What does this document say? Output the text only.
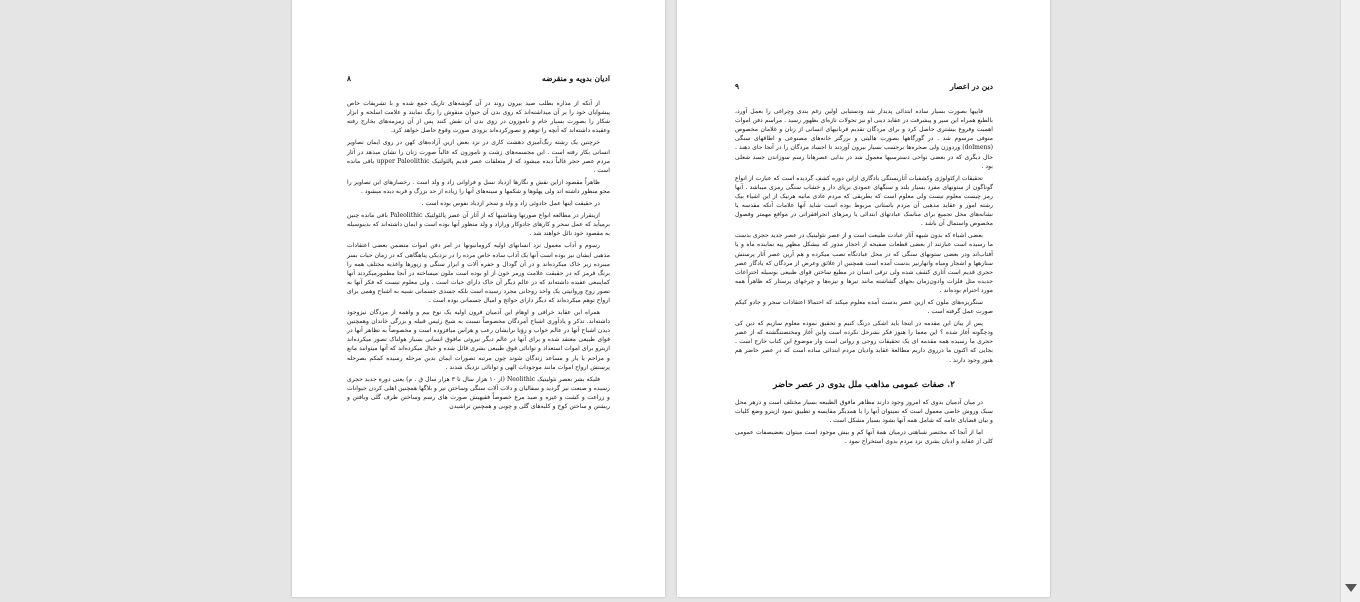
ادیان بدویه و منقرضه
۸

از آنکه از مذاره بطلب صید بیرون روند در آن گوشه‌های تاریک جمع شده و با تشریفات خاص پیشوایان خود را بر آن میداشته‌اند که روی بدن آن حیوان منقوش را رنگ نمایند و علامت اسلحه و ابزار شکار را بصورت بسیار خام و ناموزون در روی بدن آن نقش کنند پس از آن زمزمه‌های بخارج رفته وعقیده داشته‌اند که آنچه را توهم و تصورکرده‌اند بزودی صورت وقوع حاصل خواهد کرد.

خرچنین یک رشته رنگ‌آمیزی دهشت کاری در نزد بعض ازین آزاده‌های کهن در روی ایمان تصاویر انسانی بکار رفته است . این مجسمه‌های زشت و ناموزون که غالباً صورت زنان را نشان میدهد در آثار مردم عصر حجر غالباً دیده میشود که از متعلقات عصر قدیم پالئولتیک upper Paleolithic باقی مانده است .

ظاهراً مقصود ازاین نقش و نگارها ازدیاد نسل و فراوانی زاد و ولد است . رخسارهای این تصاویر را محو منظور داشته اند ولی پهلوها و شکمها و سینه‌های آنها را زیاده از حد بزرگ و فربه دیده میشود .

در حقیقت اینها عمل جادوئی زاد و ولد و سحر ازدیاد نفوس بوده است .

ازینقرار در مطالعه انواع صورتها ونقاشیها که از آثار آن عصر پالئولتیک Paleolithic باقی مانده چنین برمیآید که عمل سحر و کارهای جادوکار ورازاد و ولد منظور آنها بوده است و ایمان داشته‌اند که بدینوسیله به مقصود خود نائل خواهند شد .

رسوم و آداب معمول نزد انسانهای اولیه کرومانیونها در امر دفن اموات متضمن بعضی اعتقادات مذهبی ایشان نیز بوده است آنها یک آداب ساده خاص مرده را در نزدیکی پناهگاهی که در زمان حیات بسر میبرده زیر خاک میکرده‌اند و در آن گودال و حفره آلات و ابزار سنگی و زیورها واغذیه مختلف همه را برنگ قرمز که در حقیقت علامت ورمز خون از او بوده است ملون میساخته در آنجا مطمورمیکردند آنها کماینبغی عقیده داشته‌اند که در عالم دیگر آن خاک دارای حیات است . ولی معلوم نیست که فکر آنها به تصور روح وروانیتی یک واحد روحانی مجرد رسیده است بلکه جسدی جسمانی شبیه به اشباح وهمی برای ارواح توهم میکرده‌اند که دیگر دارای حوائج و امیال جسمانی بوده است .

همراه این عقاید خرافی و اوهام این آدمیان قرون اولیه یک نوع بیم و واهمه از مردگان نیزوجود داشته‌اند. تذکر و یادآوری اشباح آمردگان مخصوصاً نسبت به شیخ رئیس قبیله و بزرگی خاندان وهمچنین دیدن اشباح آنها در عالم خواب و رؤیا برایشان رعب و هراس میافزوده است و مخصوصاً به تظاهر آنها در قوای طبیعی معتقد شده و برای آنها در عالم دیگر نیروئی مافوق انسانی بسیار هولناک تصور میکرده‌اند ازینرو برای اموات استعداد و توانائی فوق طبیعی بشری قائل شده و خیال میکرده‌اند که آنها میتوانند مانع و مزاحم یا یار و مساعد زندگان شوند چون مرتبه تصورات ایمان بدین مرحله رسیده کمکم بصرحله پرستش ارواح اموات مانند موجودات الهی و توانائی نزدیک شدند .

فلیکه بشر بعصر نئولیتیک Neolithic (از ۱۰ هزار سال تا ۳ هزار سال ق . م) یعنی دورة جدید حجری رسیده و صنعت نیز گردید و سفالیان و دلات آلات سنگی وساختن تیر و بلاگها همچنین اهلی کردن حیوانات و زراعت و کشت و غیره و صید مرغ خصوصاً فقیهیش صورت های رسم وساختن ظرف گلی وبافتن و ریشتن و ساختن کوخ و کلبه‌های گلی و چوبی و همچنین تراشیدن

دین در اعصار
۹

فاییها بصورت بسیار ساده ابتدائی پدیدار شد ودستیابی اولین زغم بندی وچراغی را بعمل آورد، بالطبع همراه این سیر و پیشرفت در عقاید دینی او نیز تحولات تازه‌ای بظهور رسید . مراسم دفن اموات اهمیت وفروغ بیشتری حاصل کرد و برای مردگان تقدیم قربانیهای انسانی از زنان و غلامان مخصوص متوفی مرسوم شد . در گورگاهها بصورت هالیتی و بزرگتر خانه‌های مصنوعی و اطاقهای سنگی (dolmens) وردوزن ولی صخره‌ها برجسب بسیار بیرون آوردند تا اجساد مردگان را در آنجا جای دهند . حال دیگری که در بعضی نواحی دسترسیها معمول شد در بدایی عصرهانا رسم سوزاندن جسد شعلی بود .

تحقیقات ارکئولوژی وکشفیات آثاریستگی یادگاری ازاین دوره کشف گردیده است که عبارت از انواع گوناگون از ستونهای مفرد بسیار بلند و سنگهای عمودی برپای دار و خشاب سنگی رمزی میباشد . آنها رمز چیست معلوم نیست ولی معلوم است که بطریقی که مردم عادی مانیه هرنیک از این اشیاء بیک رشته امور و عقاید مذهبی آن مردم باستانی مربوط بوده است شاید آنها علامات آنکه مقدسه یا نشانه‌های محل تجمیع برای مناسک عبادتهای ابتدائی یا رمزهای انحرافقراتی در مواقع مهمتر وفصول مخصوص واستمال آن باشد .

بعضی اشیاء که بدون شبهه آثار عبادت طبیعت است و از عصر نئولیتیک در عصر جدید حجری بدست ما رسیده است عبارتند از بعضی قطعات صفیحه از احجار مدور که بیشکل مظهر پیه نماینده ماه و یا آفتاب‌اند ودر بعضی ستونهای سنگی که در محل عبادتگاه نصب میکرده و هم آرین عصر آثار پرستش ستارهها و اشجار ومیاه وانهارنیز بدست آمده است همچنین از علائق وعرض از مردگان که یادگار عصر حجری قدیم است آثاری کشف شده ولی ترقی انسان در مطیع ساختن قوای طبیعی بوسیله اختراعات جدیده مثل فلزات وادون‌زمان بجهای گشاشته مانند تیرها و نیزه‌ها و چرخهای پرستار که ظاهراً همه مورد احترام بوده‌اند .

سنگریزه‌های ملون که ازین عصر بدست آمده معلوم میکند که احتمالا اعتقادات سحر و جادو کیکم صورت عمل گرفته است .

پس از بیان این مقدمه در اینجا باید اشکی درنگ کنیم و تحقیق نموده معلوم سازیم که دین کی ودچگونه آغاز شده ؟ این معما را هنوز فکر بشرحل نکرده است واین آغاز ومختصتنگشته که از عصر حجری ما رسیده همه مقدمه ای یک تحقیقات روحی و روانی است وار موضوع این کتاب خارج است . بجایی که اکنون ما درروی داریم مطالعهٔ عقاید وادیان مردم ابتدائی ساده است که در عصر حاضر هم هنوز وجود دارند .

۲. صفات عمومی مذاهب ملل بدوی در عصر حاضر

در میان آدمیان بدوی که امروز وجود دارند مظاهر مافوق الطبیعه بسیار مختلف است و درهر محل سبک وروش خاصی معمول است که نمیتوان آنها را با همدیگر مقایسه و تطبیق نمود ازینرو وضع کلیات و بیان قضایای عامه که شامل همه آنها بشود بسیار مشکل است .

اما از آنجا که مختصر شباهتی درمیان همهٔ آنها کم و بیش موجود است میتوان بعضیصفات عمومی کلی از عقاید و ادیان بشری نزد مردم بدوی استخراج نمود .
